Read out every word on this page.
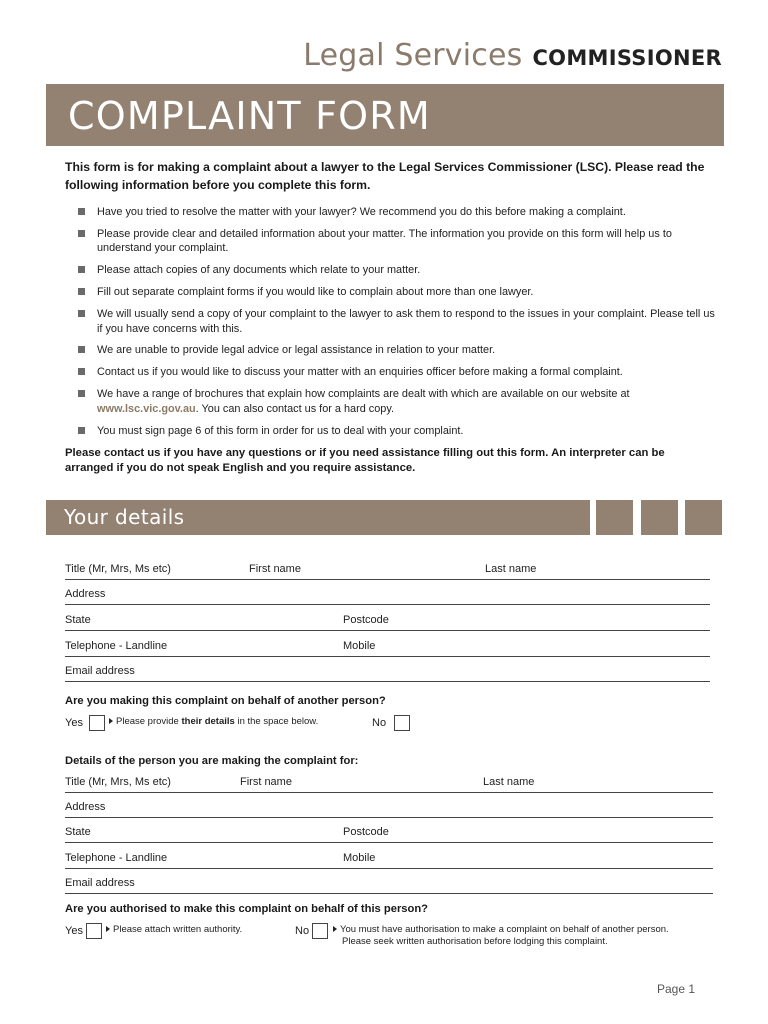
Legal Services COMMISSIONER
COMPLAINT FORM
This form is for making a complaint about a lawyer to the Legal Services Commissioner (LSC). Please read the following information before you complete this form.
Have you tried to resolve the matter with your lawyer? We recommend you do this before making a complaint.
Please provide clear and detailed information about your matter. The information you provide on this form will help us to understand your complaint.
Please attach copies of any documents which relate to your matter.
Fill out separate complaint forms if you would like to complain about more than one lawyer.
We will usually send a copy of your complaint to the lawyer to ask them to respond to the issues in your complaint. Please tell us if you have concerns with this.
We are unable to provide legal advice or legal assistance in relation to your matter.
Contact us if you would like to discuss your matter with an enquiries officer before making a formal complaint.
We have a range of brochures that explain how complaints are dealt with which are available on our website at www.lsc.vic.gov.au. You can also contact us for a hard copy.
You must sign page 6 of this form in order for us to deal with your complaint.
Please contact us if you have any questions or if you need assistance filling out this form. An interpreter can be arranged if you do not speak English and you require assistance.
Your details
Title (Mr, Mrs, Ms etc)	First name	Last name
Address
State	Postcode
Telephone - Landline	Mobile
Email address
Are you making this complaint on behalf of another person?
Yes	Please provide their details in the space below.	No
Details of the person you are making the complaint for:
Title (Mr, Mrs, Ms etc)	First name	Last name
Address
State	Postcode
Telephone - Landline	Mobile
Email address
Are you authorised to make this complaint on behalf of this person?
Yes	Please attach written authority.	No	You must have authorisation to make a complaint on behalf of another person.
Please seek written authorisation before lodging this complaint.
Page 1
